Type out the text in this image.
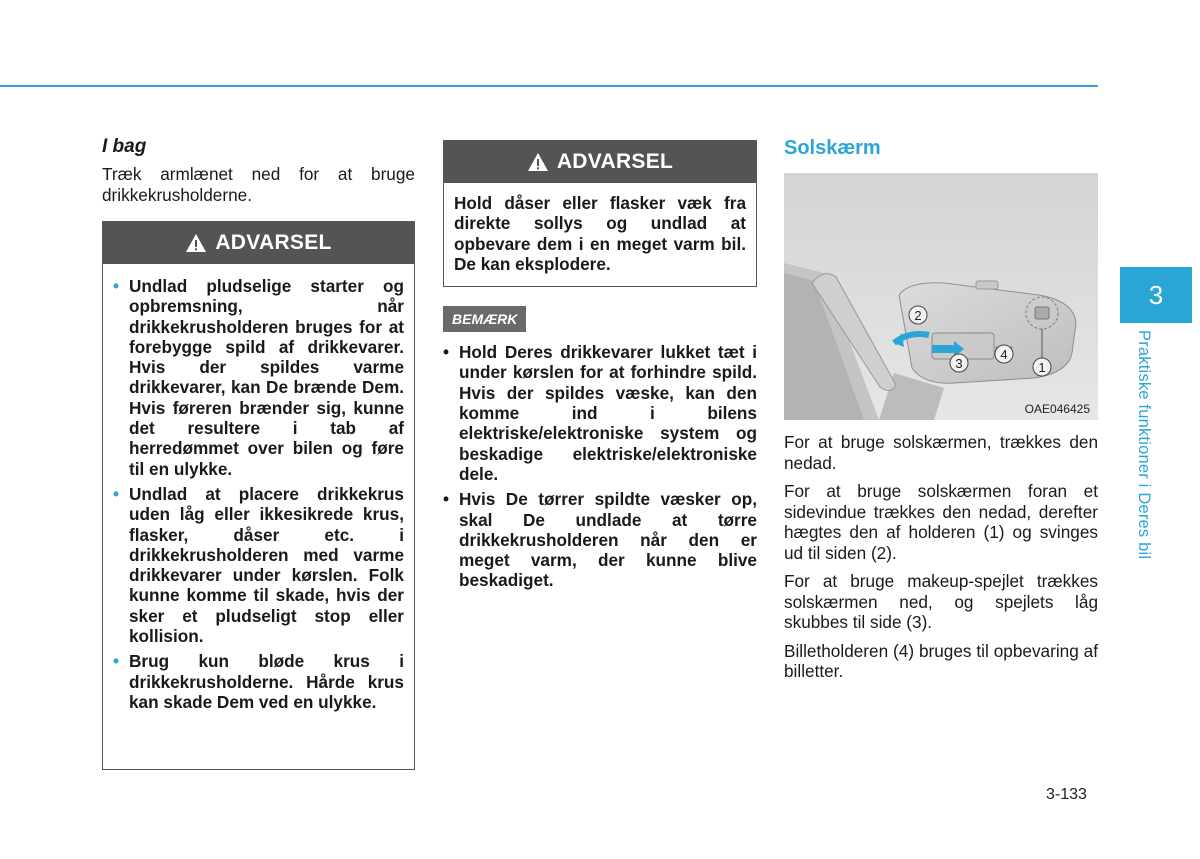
I bag

Træk armlænet ned for at bruge drikkekrusholderne.

ADVARSEL
• Undlad pludselige starter og opbremsning, når drikkekrusholderen bruges for at forebygge spild af drikkevarer. Hvis der spildes varme drikkevarer, kan De brænde Dem. Hvis føreren brænder sig, kunne det resultere i tab af herredømmet over bilen og føre til en ulykke.
• Undlad at placere drikkekrus uden låg eller ikkesikrede krus, flasker, dåser etc. i drikkekrusholderen med varme drikkevarer under kørslen. Folk kunne komme til skade, hvis der sker et pludseligt stop eller kollision.
• Brug kun bløde krus i drikkekrusholderne. Hårde krus kan skade Dem ved en ulykke.
ADVARSEL

Hold dåser eller flasker væk fra direkte sollys og undlad at opbevare dem i en meget varm bil. De kan eksplodere.

BEMÆRK
• Hold Deres drikkevarer lukket tæt i under kørslen for at forhindre spild. Hvis der spildes væske, kan den komme ind i bilens elektriske/elektroniske system og beskadige elektriske/elektroniske dele.
• Hvis De tørrer spildte væsker op, skal De undlade at tørre drikkekrusholderen når den er meget varm, der kunne blive beskadiget.

Solskærm

1
2
3
4
OAE046425

For at bruge solskærmen, trækkes den nedad.

For at bruge solskærmen foran et sidevindue trækkes den nedad, derefter hægtes den af holderen (1) og svinges ud til siden (2).

For at bruge makeup-spejlet trækkes solskærmen ned, og spejlets låg skubbes til side (3).

Billetholderen (4) bruges til opbevaring af billetter.

3
Praktiske funktioner i Deres bil
3-133
